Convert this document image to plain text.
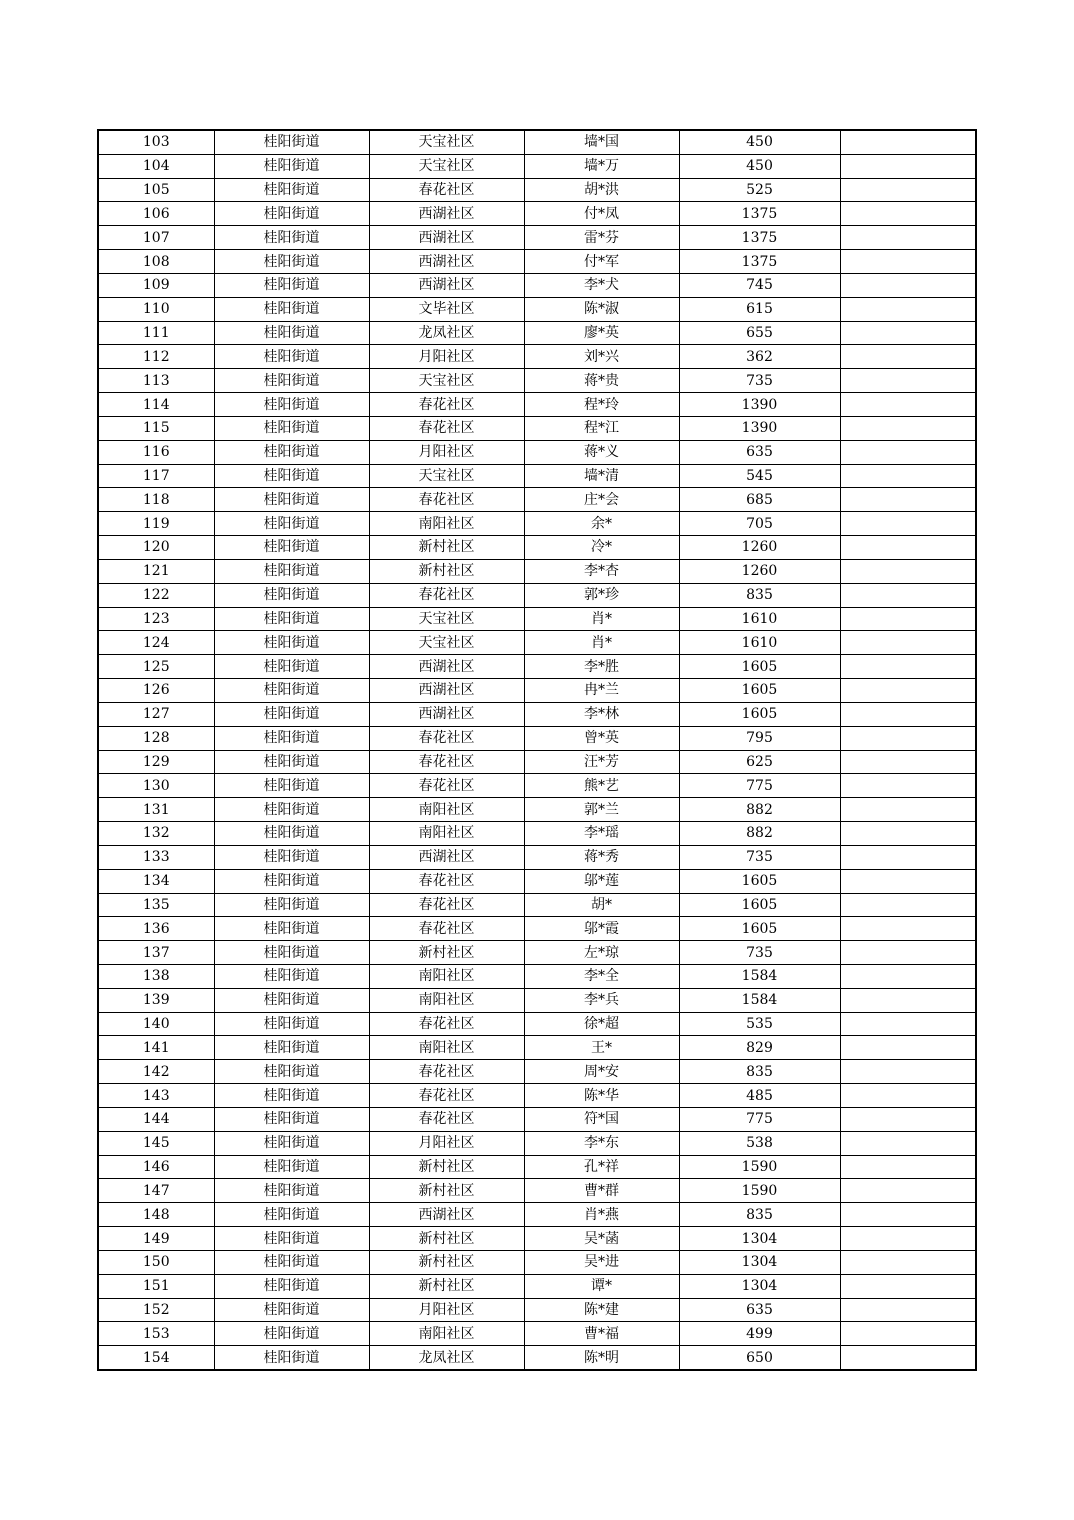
103	桂阳街道	天宝社区	墙*国	450	
104	桂阳街道	天宝社区	墙*万	450	
105	桂阳街道	春花社区	胡*洪	525	
106	桂阳街道	西湖社区	付*凤	1375	
107	桂阳街道	西湖社区	雷*芬	1375	
108	桂阳街道	西湖社区	付*军	1375	
109	桂阳街道	西湖社区	李*犬	745	
110	桂阳街道	文毕社区	陈*淑	615	
111	桂阳街道	龙凤社区	廖*英	655	
112	桂阳街道	月阳社区	刘*兴	362	
113	桂阳街道	天宝社区	蒋*贵	735	
114	桂阳街道	春花社区	程*玲	1390	
115	桂阳街道	春花社区	程*江	1390	
116	桂阳街道	月阳社区	蒋*义	635	
117	桂阳街道	天宝社区	墙*清	545	
118	桂阳街道	春花社区	庄*会	685	
119	桂阳街道	南阳社区	余*	705	
120	桂阳街道	新村社区	冷*	1260	
121	桂阳街道	新村社区	李*杏	1260	
122	桂阳街道	春花社区	郭*珍	835	
123	桂阳街道	天宝社区	肖*	1610	
124	桂阳街道	天宝社区	肖*	1610	
125	桂阳街道	西湖社区	李*胜	1605	
126	桂阳街道	西湖社区	冉*兰	1605	
127	桂阳街道	西湖社区	李*林	1605	
128	桂阳街道	春花社区	曾*英	795	
129	桂阳街道	春花社区	汪*芳	625	
130	桂阳街道	春花社区	熊*艺	775	
131	桂阳街道	南阳社区	郭*兰	882	
132	桂阳街道	南阳社区	李*瑶	882	
133	桂阳街道	西湖社区	蒋*秀	735	
134	桂阳街道	春花社区	邬*莲	1605	
135	桂阳街道	春花社区	胡*	1605	
136	桂阳街道	春花社区	邬*霞	1605	
137	桂阳街道	新村社区	左*琼	735	
138	桂阳街道	南阳社区	李*全	1584	
139	桂阳街道	南阳社区	李*兵	1584	
140	桂阳街道	春花社区	徐*超	535	
141	桂阳街道	南阳社区	王*	829	
142	桂阳街道	春花社区	周*安	835	
143	桂阳街道	春花社区	陈*华	485	
144	桂阳街道	春花社区	符*国	775	
145	桂阳街道	月阳社区	李*东	538	
146	桂阳街道	新村社区	孔*祥	1590	
147	桂阳街道	新村社区	曹*群	1590	
148	桂阳街道	西湖社区	肖*燕	835	
149	桂阳街道	新村社区	吴*菡	1304	
150	桂阳街道	新村社区	吴*进	1304	
151	桂阳街道	新村社区	谭*	1304	
152	桂阳街道	月阳社区	陈*建	635	
153	桂阳街道	南阳社区	曹*福	499	
154	桂阳街道	龙凤社区	陈*明	650	
